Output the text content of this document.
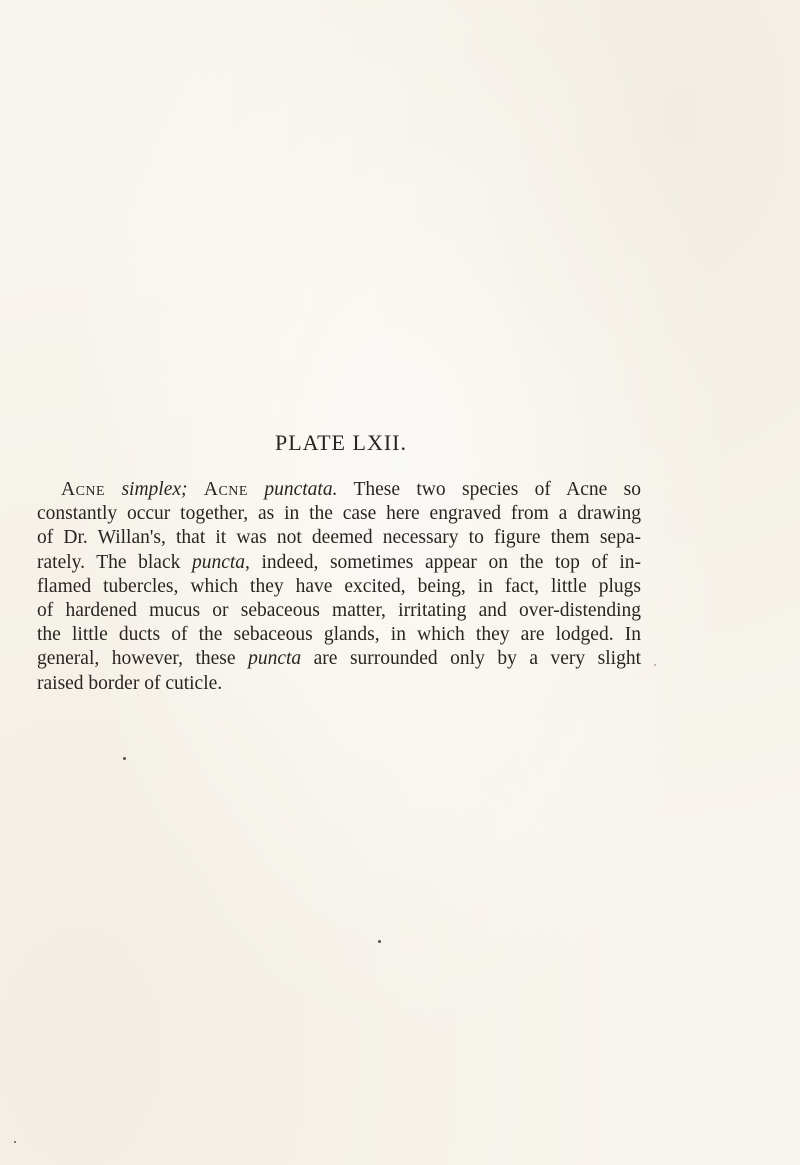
PLATE LXII.
Acne simplex; Acne punctata. These two species of Acne so
constantly occur together, as in the case here engraved from a drawing
of Dr. Willan's, that it was not deemed necessary to figure them sepa-
rately. The black puncta, indeed, sometimes appear on the top of in-
flamed tubercles, which they have excited, being, in fact, little plugs
of hardened mucus or sebaceous matter, irritating and over-distending
the little ducts of the sebaceous glands, in which they are lodged. In
general, however, these puncta are surrounded only by a very slight
raised border of cuticle.
